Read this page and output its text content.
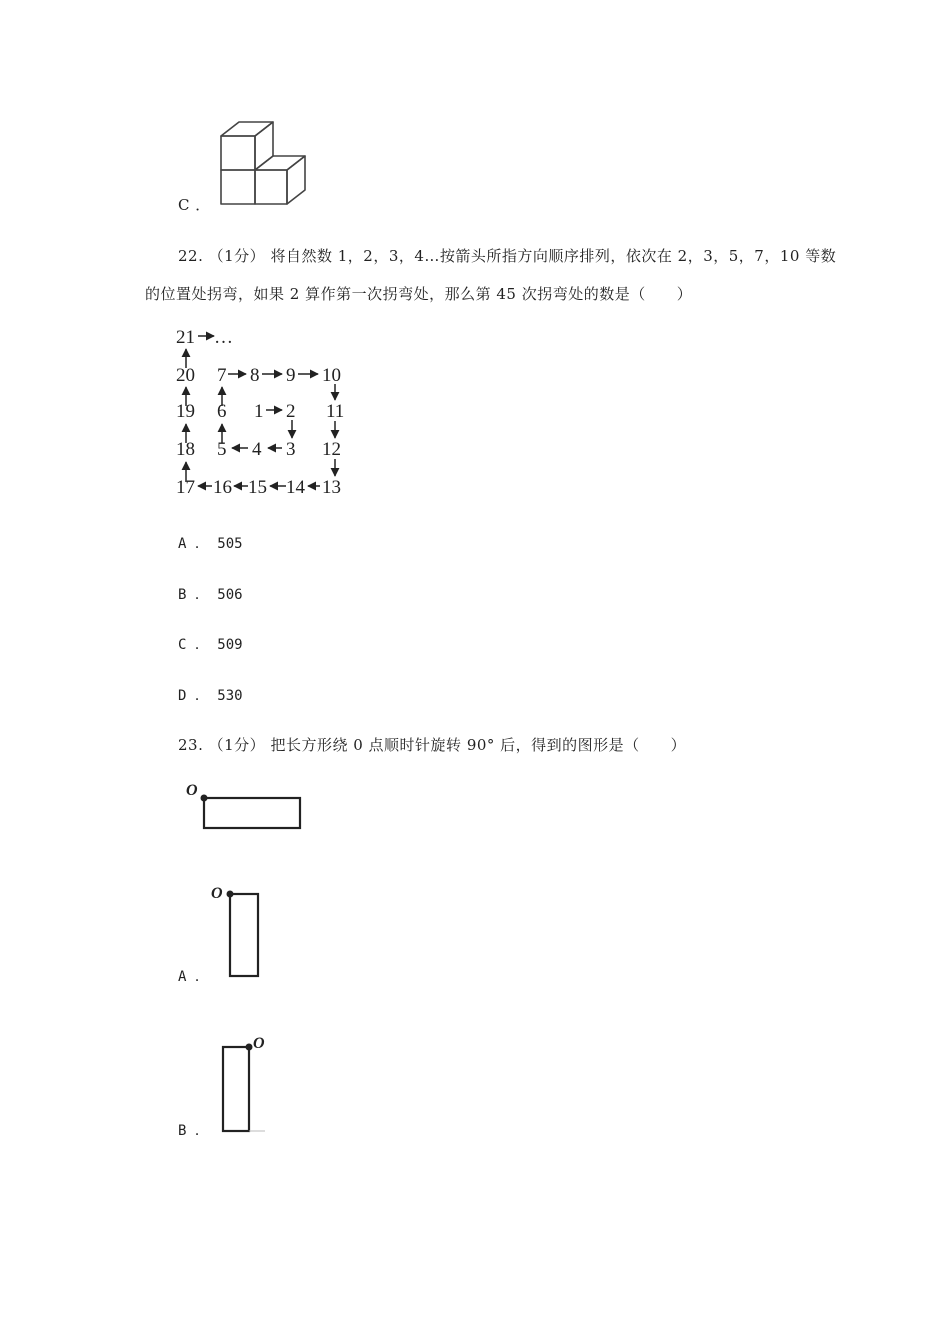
C ．
22. （1分） 将自然数 1，2，3，4…按箭头所指方向顺序排列，依次在 2，3，5，7，10 等数
的位置处拐弯，如果 2 算作第一次拐弯处，那么第 45 次拐弯处的数是（　　）
21 …
20 7 8 9 10
19 6 1 2 11
18 5 4 3 12
17 16 15 14 13
A ． 505
B ． 506
C ． 509
D ． 530
23. （1分） 把长方形绕 0 点顺时针旋转 90° 后，得到的图形是（　　）
O
O
A ．
O
B ．
